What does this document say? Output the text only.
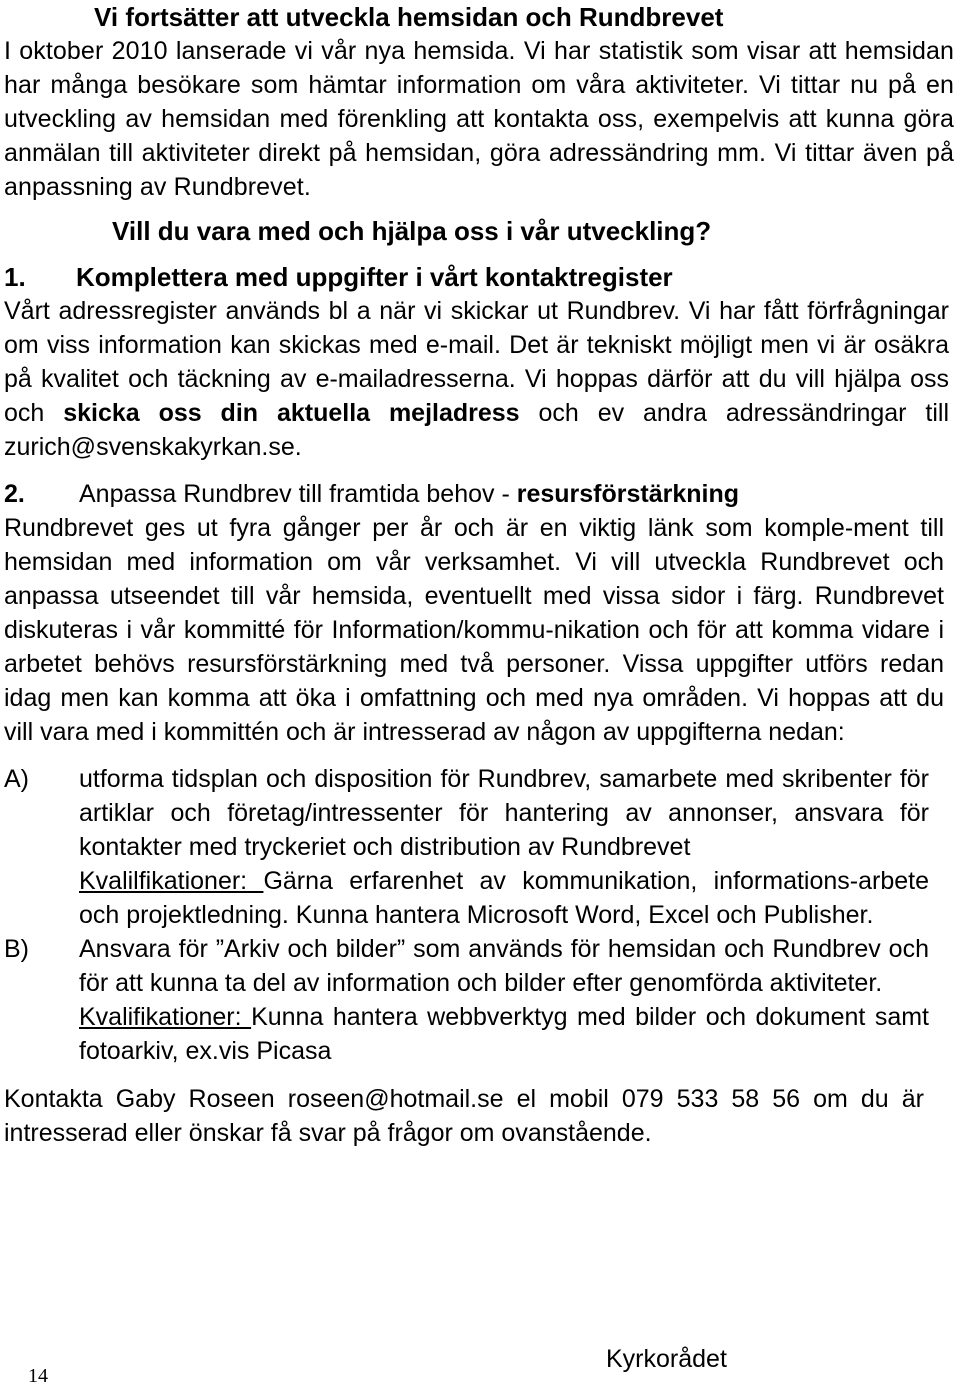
Vi fortsätter att utveckla hemsidan och Rundbrevet

I oktober 2010 lanserade vi vår nya hemsida. Vi har statistik som visar att hemsidan har många besökare som hämtar information om våra aktiviteter. Vi tittar nu på en utveckling av hemsidan med förenkling att kontakta oss, exempelvis att kunna göra anmälan till aktiviteter direkt på hemsidan, göra adressändring mm. Vi tittar även på anpassning av Rundbrevet.

Vill du vara med och hjälpa oss i vår utveckling?

1. Komplettera med uppgifter i vårt kontaktregister

Vårt adressregister används bl a när vi skickar ut Rundbrev. Vi har fått förfrågningar om viss information kan skickas med e-mail. Det är tekniskt möjligt men vi är osäkra på kvalitet och täckning av e-mailadresserna. Vi hoppas därför att du vill hjälpa oss och skicka oss din aktuella mejladress och ev andra adressändringar till zurich@svenskakyrkan.se.

2. Anpassa Rundbrev till framtida behov - resursförstärkning

Rundbrevet ges ut fyra gånger per år och är en viktig länk som komple-ment till hemsidan med information om vår verksamhet. Vi vill utveckla Rundbrevet och anpassa utseendet till vår hemsida, eventuellt med vissa sidor i färg. Rundbrevet diskuteras i vår kommitté för Information/kommu-nikation och för att komma vidare i arbetet behövs resursförstärkning med två personer. Vissa uppgifter utförs redan idag men kan komma att öka i omfattning och med nya områden. Vi hoppas att du vill vara med i kommittén och är intresserad av någon av uppgifterna nedan:

A)	utforma tidsplan och disposition för Rundbrev, samarbete med skribenter för artiklar och företag/intressenter för hantering av annonser, ansvara för kontakter med tryckeriet och distribution av Rundbrevet

Kvalilfikationer: Gärna erfarenhet av kommunikation, informations-arbete och projektledning. Kunna hantera Microsoft Word, Excel och Publisher.

B)	Ansvara för ”Arkiv och bilder” som används för hemsidan och Rundbrev och för att kunna ta del av information och bilder efter genomförda aktiviteter.

Kvalifikationer: Kunna hantera webbverktyg med bilder och dokument samt fotoarkiv, ex.vis Picasa

Kontakta Gaby Roseen roseen@hotmail.se el mobil 079 533 58 56 om du är intresserad eller önskar få svar på frågor om ovanstående.

14
Kyrkorådet
